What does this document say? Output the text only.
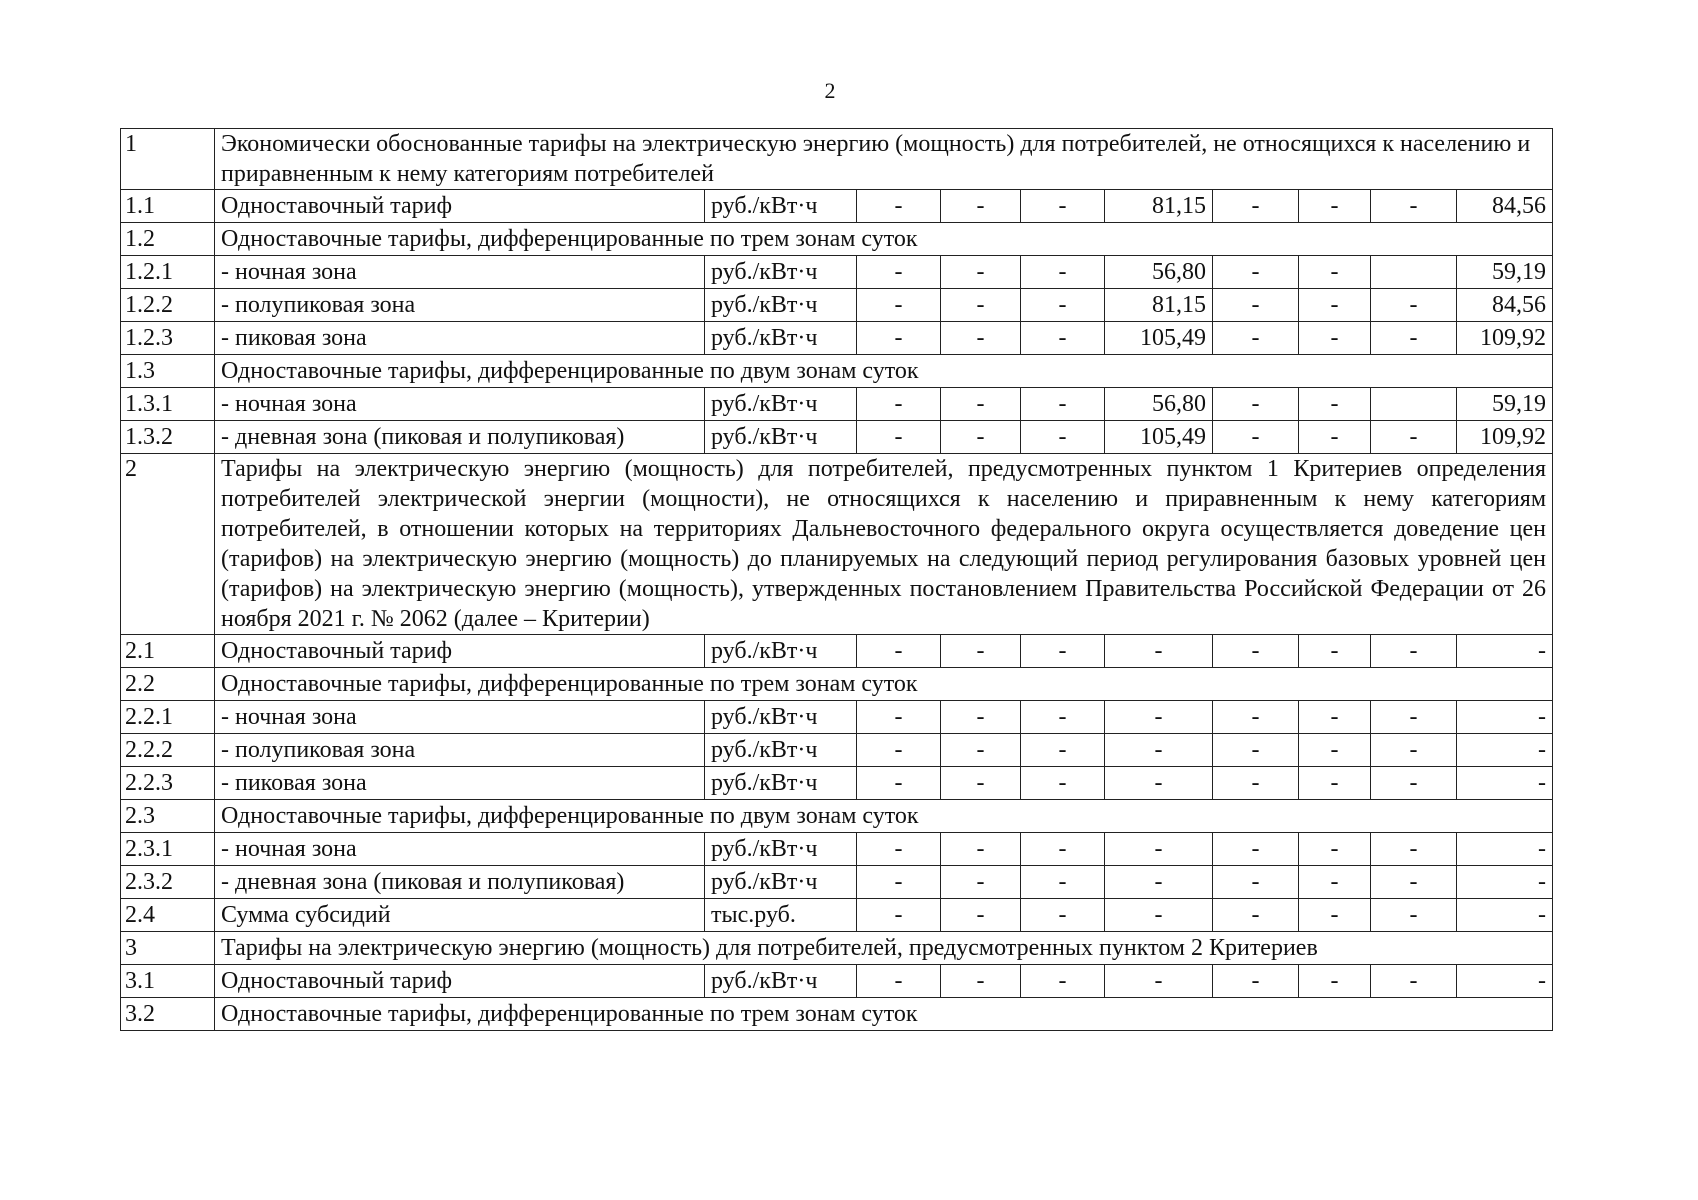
2
1	Экономически обоснованные тарифы на электрическую энергию (мощность) для потребителей, не относящихся к населению и приравненным к нему категориям потребителей									
1.1	Одноставочный тариф	руб./кВт·ч	-	-	-	81,15	-	-	-	84,56
1.2	Одноставочные тарифы, дифференцированные по трем зонам суток									
1.2.1	- ночная зона	руб./кВт·ч	-	-	-	56,80	-	-		59,19
1.2.2	- полупиковая зона	руб./кВт·ч	-	-	-	81,15	-	-	-	84,56
1.2.3	- пиковая зона	руб./кВт·ч	-	-	-	105,49	-	-	-	109,92
1.3	Одноставочные тарифы, дифференцированные по двум зонам суток									
1.3.1	- ночная зона	руб./кВт·ч	-	-	-	56,80	-	-		59,19
1.3.2	- дневная зона (пиковая и полупиковая)	руб./кВт·ч	-	-	-	105,49	-	-	-	109,92
2	Тарифы на электрическую энергию (мощность) для потребителей, предусмотренных пунктом 1 Критериев определения потребителей электрической энергии (мощности), не относящихся к населению и приравненным к нему категориям потребителей, в отношении которых на территориях Дальневосточного федерального округа осуществляется доведение цен (тарифов) на электрическую энергию (мощность) до планируемых на следующий период регулирования базовых уровней цен (тарифов) на электрическую энергию (мощность), утвержденных постановлением Правительства Российской Федерации от 26 ноября 2021 г. № 2062 (далее – Критерии)									
2.1	Одноставочный тариф	руб./кВт·ч	-	-	-	-	-	-	-	-
2.2	Одноставочные тарифы, дифференцированные по трем зонам суток									
2.2.1	- ночная зона	руб./кВт·ч	-	-	-	-	-	-	-	-
2.2.2	- полупиковая зона	руб./кВт·ч	-	-	-	-	-	-	-	-
2.2.3	- пиковая зона	руб./кВт·ч	-	-	-	-	-	-	-	-
2.3	Одноставочные тарифы, дифференцированные по двум зонам суток									
2.3.1	- ночная зона	руб./кВт·ч	-	-	-	-	-	-	-	-
2.3.2	- дневная зона (пиковая и полупиковая)	руб./кВт·ч	-	-	-	-	-	-	-	-
2.4	Сумма субсидий	тыс.руб.	-	-	-	-	-	-	-	-
3	Тарифы на электрическую энергию (мощность) для потребителей, предусмотренных пунктом 2 Критериев									
3.1	Одноставочный тариф	руб./кВт·ч	-	-	-	-	-	-	-	-
3.2	Одноставочные тарифы, дифференцированные по трем зонам суток									
